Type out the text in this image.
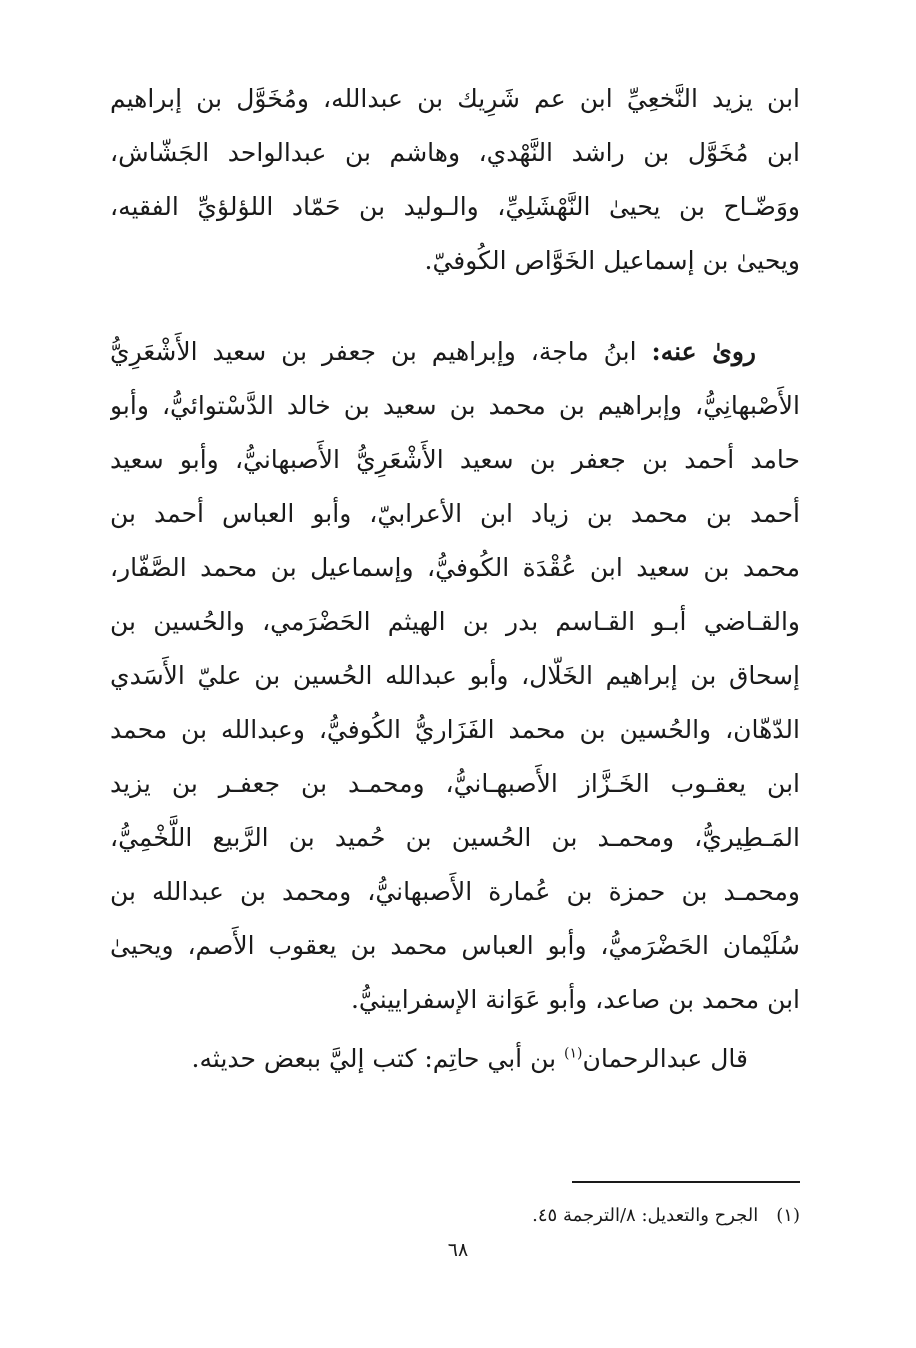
ابن يزيد النَّخعِيِّ ابن عم شَرِيك بن عبدالله، ومُخَوَّل بن إبراهيم
ابن مُخَوَّل بن راشد النَّهْدي، وهاشم بن عبدالواحد الجَشّاش،
ووَضّـاح بن يحيىٰ النَّهْشَلِيِّ، والـوليد بن حَمّاد اللؤلؤيِّ الفقيه،
ويحيىٰ بن إسماعيل الخَوَّاص الكُوفيّ.
روىٰ عنه: ابنُ ماجة، وإبراهيم بن جعفر بن سعيد الأَشْعَرِيُّ
الأَصْبهانِيُّ، وإبراهيم بن محمد بن سعيد بن خالد الدَّسْتوائيُّ، وأبو
حامد أحمد بن جعفر بن سعيد الأَشْعَرِيُّ الأَصبهانيُّ، وأبو سعيد
أحمد بن محمد بن زياد ابن الأعرابيّ، وأبو العباس أحمد بن
محمد بن سعيد ابن عُقْدَة الكُوفيُّ، وإسماعيل بن محمد الصَّفّار،
والقـاضي أبـو القـاسم بدر بن الهيثم الحَضْرَمي، والحُسين بن
إسحاق بن إبراهيم الخَلّال، وأبو عبدالله الحُسين بن عليّ الأَسَدي
الدّهّان، والحُسين بن محمد الفَزَاريُّ الكُوفيُّ، وعبدالله بن محمد
ابن يعقـوب الخَـزَّاز الأَصبهـانيُّ، ومحمـد بن جعفـر بن يزيد
المَـطِيريُّ، ومحمـد بن الحُسين بن حُميد بن الرَّبيع اللَّخْمِيُّ،
ومحمـد بن حمزة بن عُمارة الأَصبهانيُّ، ومحمد بن عبدالله بن
سُلَيْمان الحَضْرَميُّ، وأبو العباس محمد بن يعقوب الأَصم، ويحيىٰ
ابن محمد بن صاعد، وأبو عَوَانة الإسفرايينيُّ.
قال عبدالرحمان$^{(١)}$ بن أبي حاتِم: كتب إليَّ ببعض حديثه.
(١)الجرح والتعديل: ٨/الترجمة ٤٥.
٦٨
